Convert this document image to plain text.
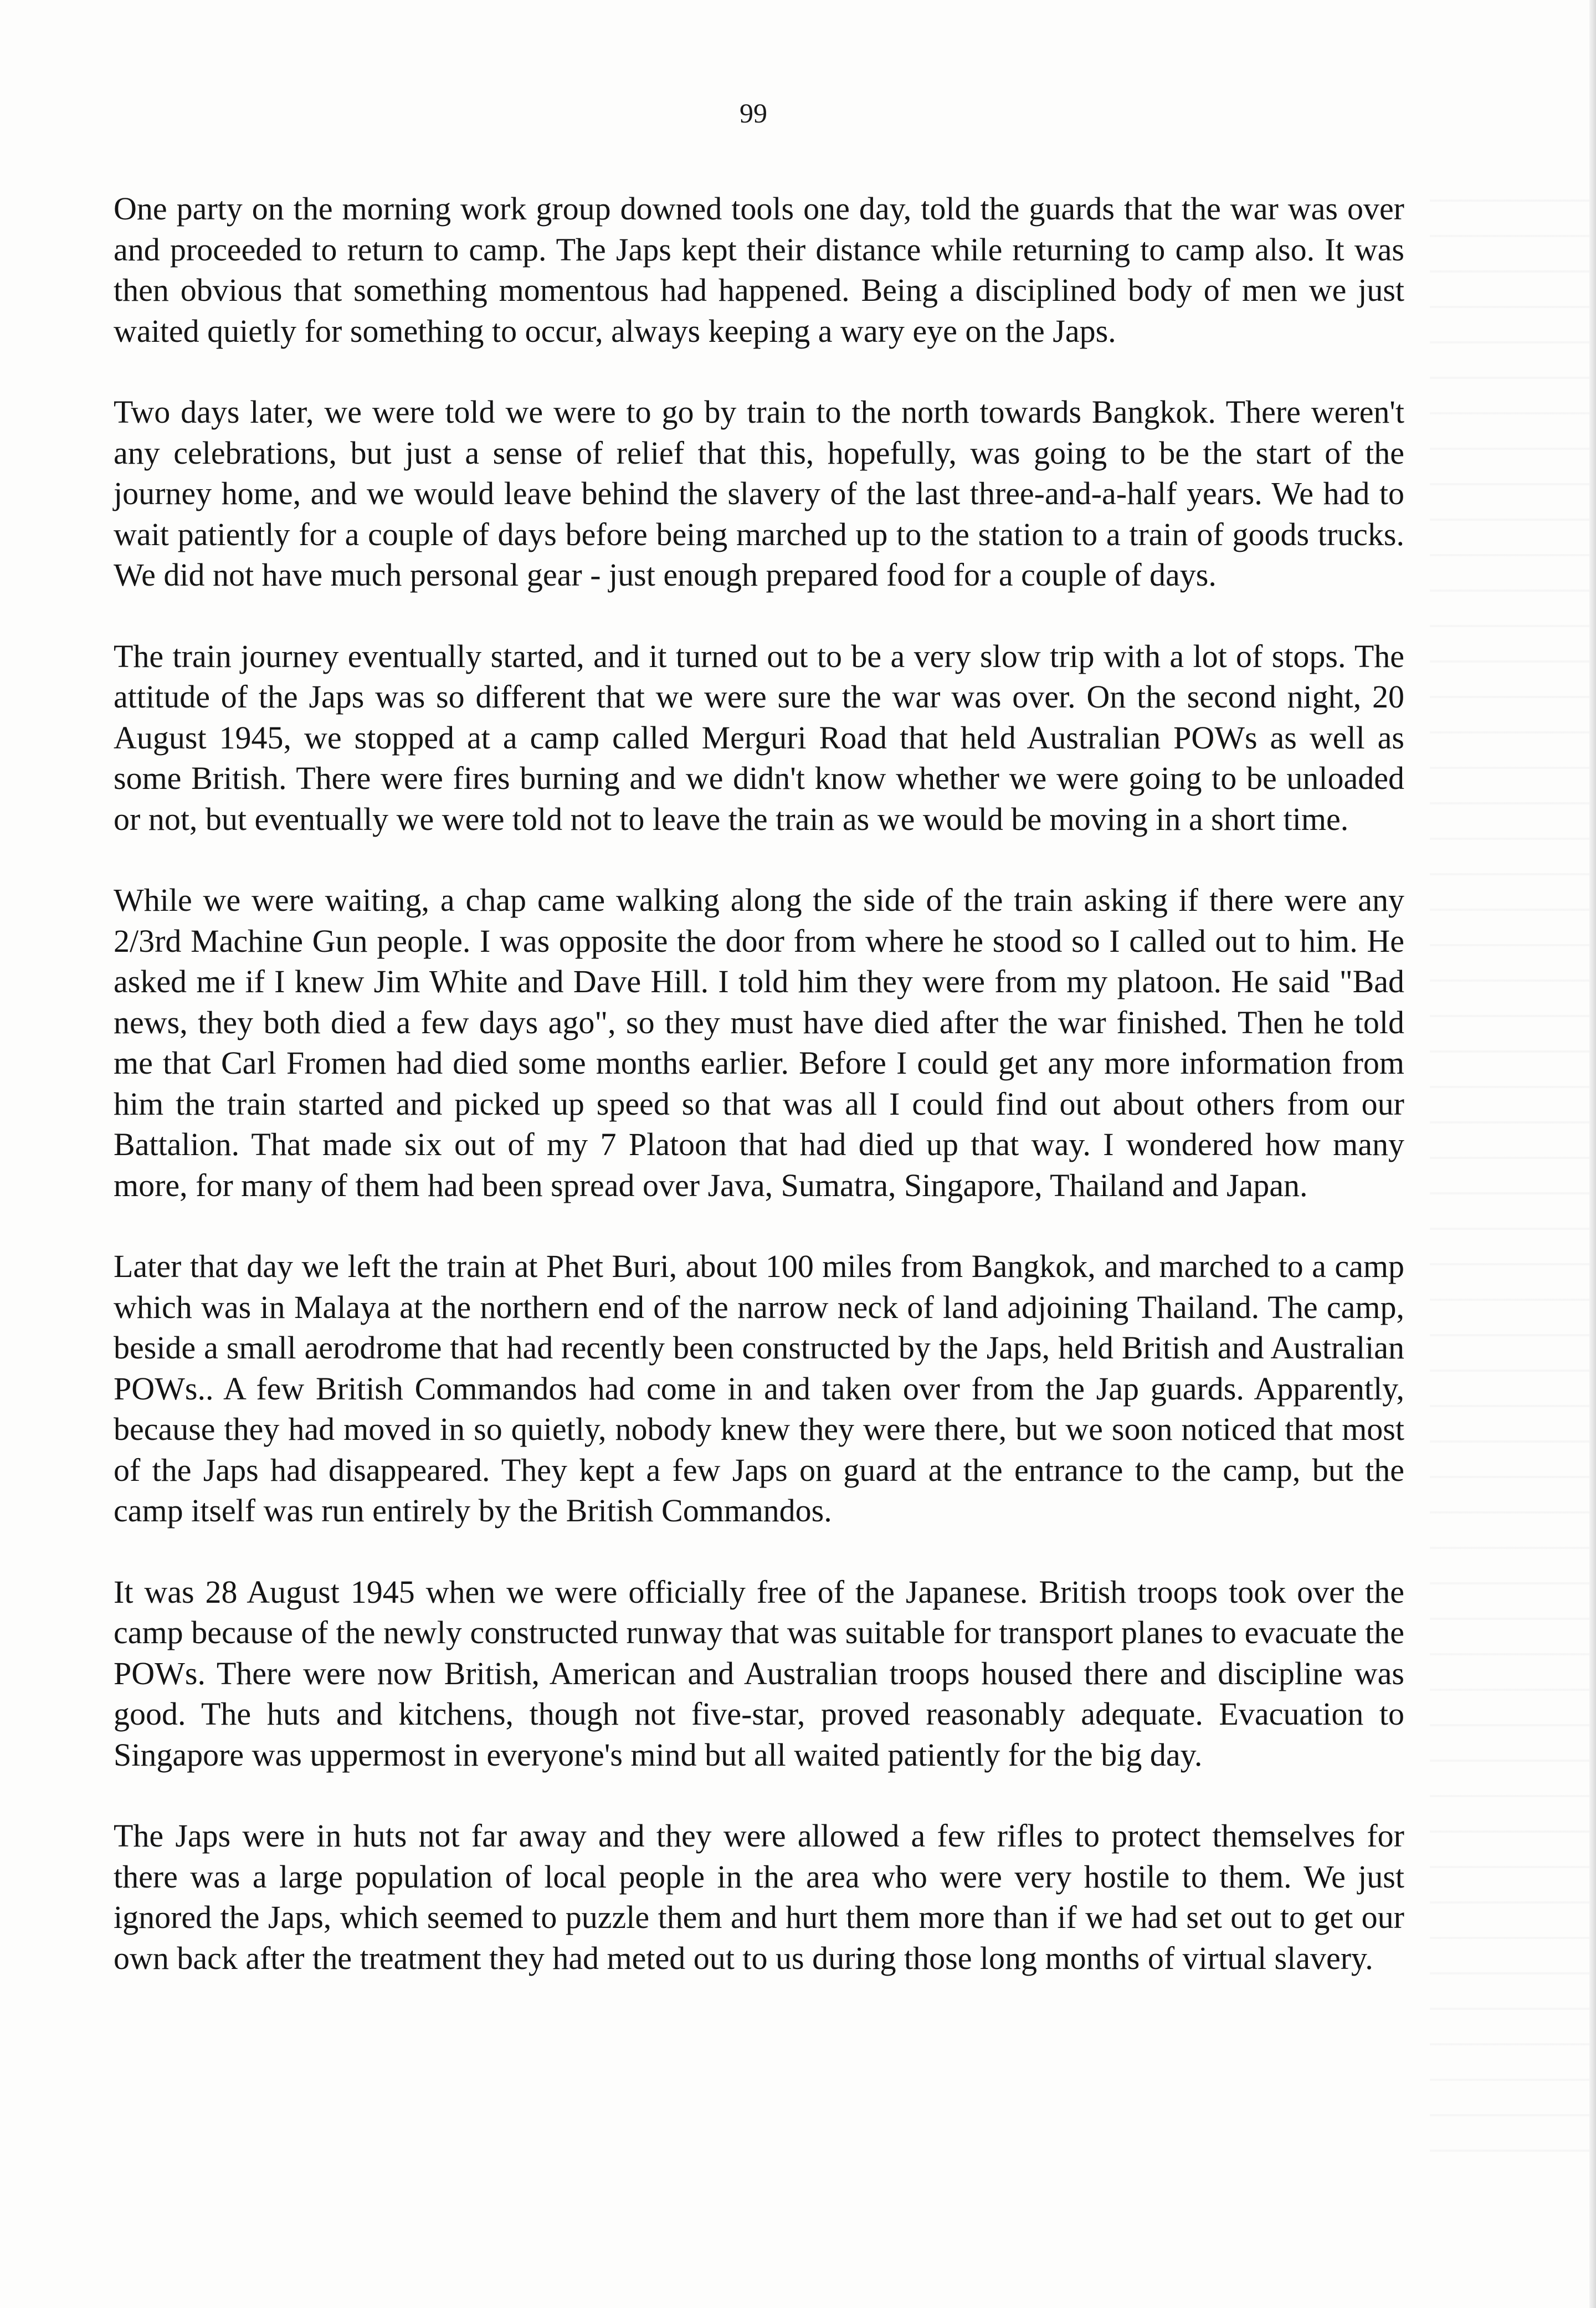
99

One party on the morning work group downed tools one day, told the guards that the war was over and proceeded to return to camp. The Japs kept their distance while returning to camp also. It was then obvious that something momentous had happened. Being a disciplined body of men we just waited quietly for something to occur, always keeping a wary eye on the Japs.

Two days later, we were told we were to go by train to the north towards Bangkok. There weren't any celebrations, but just a sense of relief that this, hopefully, was going to be the start of the journey home, and we would leave behind the slavery of the last three-and-a-half years. We had to wait patiently for a couple of days before being marched up to the station to a train of goods trucks. We did not have much personal gear - just enough prepared food for a couple of days.

The train journey eventually started, and it turned out to be a very slow trip with a lot of stops. The attitude of the Japs was so different that we were sure the war was over. On the second night, 20 August 1945, we stopped at a camp called Merguri Road that held Australian POWs as well as some British. There were fires burning and we didn't know whether we were going to be unloaded or not, but eventually we were told not to leave the train as we would be moving in a short time.

While we were waiting, a chap came walking along the side of the train asking if there were any 2/3rd Machine Gun people. I was opposite the door from where he stood so I called out to him. He asked me if I knew Jim White and Dave Hill. I told him they were from my platoon. He said "Bad news, they both died a few days ago", so they must have died after the war finished. Then he told me that Carl Fromen had died some months earlier. Before I could get any more information from him the train started and picked up speed so that was all I could find out about others from our Battalion. That made six out of my 7 Platoon that had died up that way. I wondered how many more, for many of them had been spread over Java, Sumatra, Singapore, Thailand and Japan.

Later that day we left the train at Phet Buri, about 100 miles from Bangkok, and marched to a camp which was in Malaya at the northern end of the narrow neck of land adjoining Thailand. The camp, beside a small aerodrome that had recently been constructed by the Japs, held British and Australian POWs.. A few British Commandos had come in and taken over from the Jap guards. Apparently, because they had moved in so quietly, nobody knew they were there, but we soon noticed that most of the Japs had disappeared. They kept a few Japs on guard at the entrance to the camp, but the camp itself was run entirely by the British Commandos.

It was 28 August 1945 when we were officially free of the Japanese. British troops took over the camp because of the newly constructed runway that was suitable for transport planes to evacuate the POWs. There were now British, American and Australian troops housed there and discipline was good. The huts and kitchens, though not five-star, proved reasonably adequate. Evacuation to Singapore was uppermost in everyone's mind but all waited patiently for the big day.

The Japs were in huts not far away and they were allowed a few rifles to protect themselves for there was a large population of local people in the area who were very hostile to them. We just ignored the Japs, which seemed to puzzle them and hurt them more than if we had set out to get our own back after the treatment they had meted out to us during those long months of virtual slavery.
